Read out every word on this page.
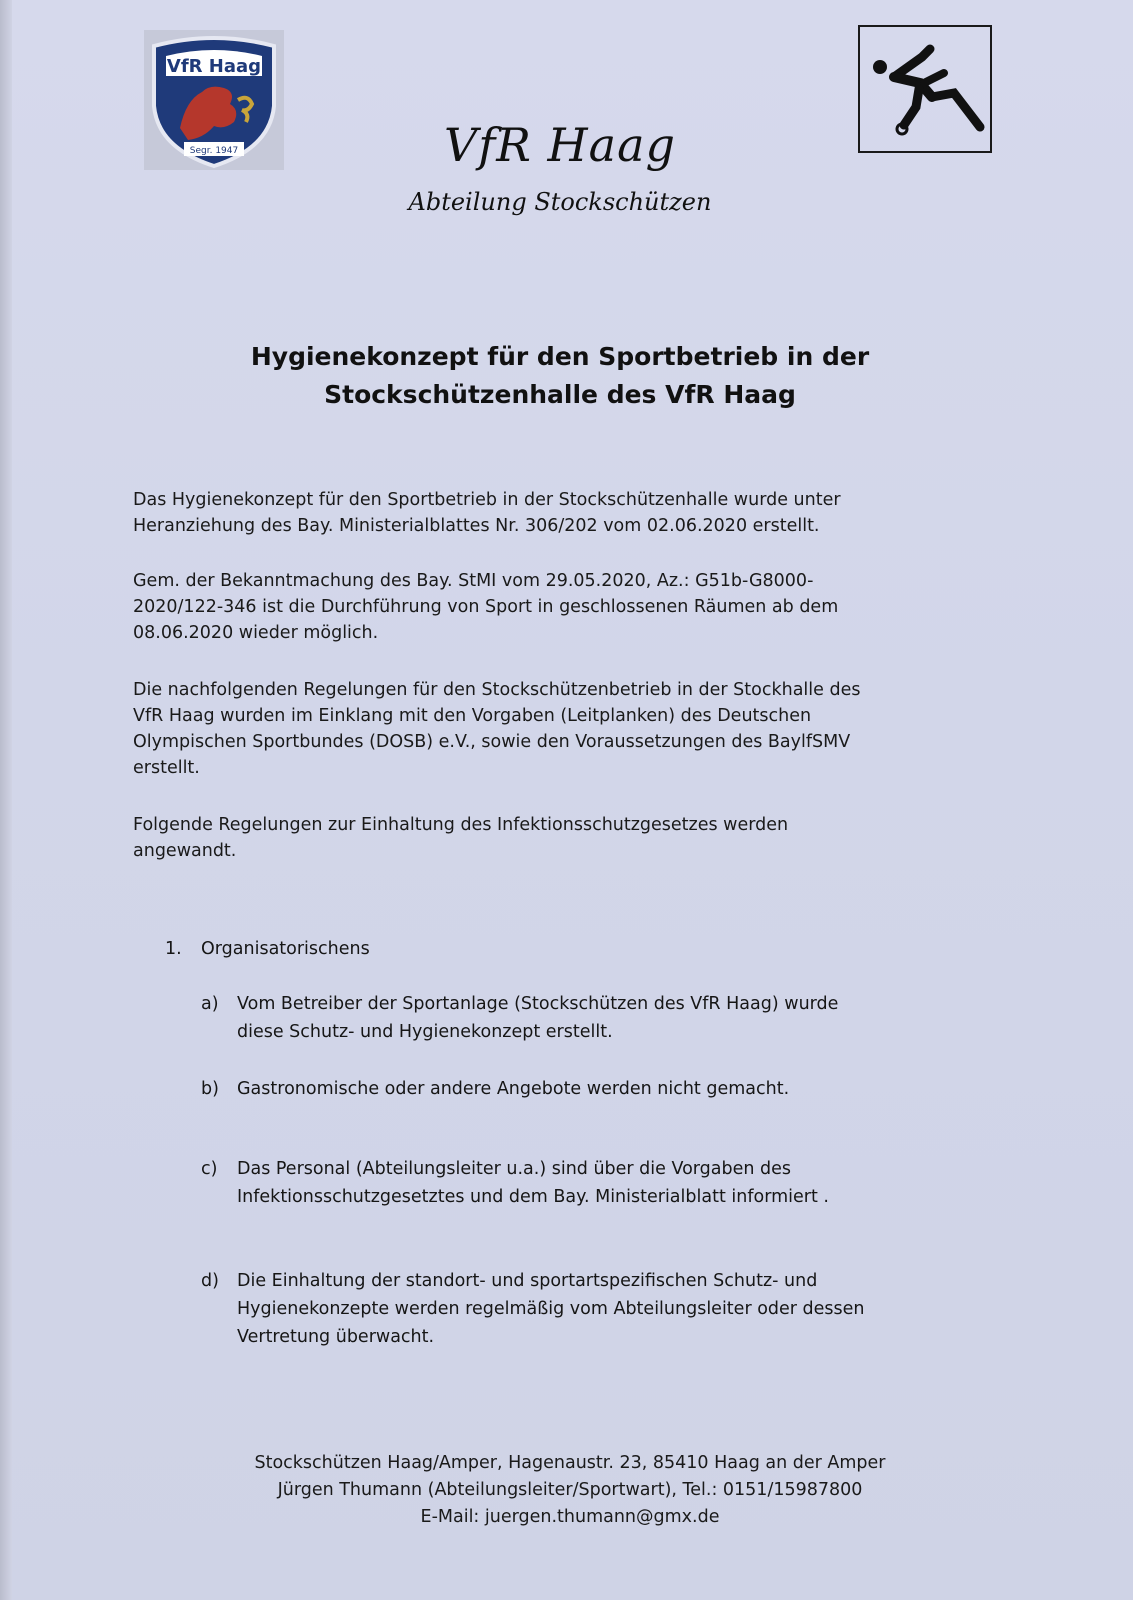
VfR Haag
Segr. 1947	VfR Haag
Abteilung Stockschützen
Hygienekonzept für den Sportbetrieb in der
Stockschützenhalle des VfR Haag

Das Hygienekonzept für den Sportbetrieb in der Stockschützenhalle wurde unter

Heranziehung des Bay. Ministerialblattes Nr. 306/202 vom 02.06.2020 erstellt.

Gem. der Bekanntmachung des Bay. StMI vom 29.05.2020, Az.: G51b-G8000-

2020/122-346 ist die Durchführung von Sport in geschlossenen Räumen ab dem

08.06.2020 wieder möglich.

Die nachfolgenden Regelungen für den Stockschützenbetrieb in der Stockhalle des

VfR Haag wurden im Einklang mit den Vorgaben (Leitplanken) des Deutschen

Olympischen Sportbundes (DOSB) e.V., sowie den Voraussetzungen des BaylfSMV

erstellt.

Folgende Regelungen zur Einhaltung des Infektionsschutzgesetzes werden

angewandt.

1. Organisatorischens
a)	Vom Betreiber der Sportanlage (Stockschützen des VfR Haag) wurde
diese Schutz- und Hygienekonzept erstellt.
b)	Gastronomische oder andere Angebote werden nicht gemacht.
c)	Das Personal (Abteilungsleiter u.a.) sind über die Vorgaben des
Infektionsschutzgesetztes und dem Bay. Ministerialblatt informiert .
d)	Die Einhaltung der standort- und sportartspezifischen Schutz- und
Hygienekonzepte werden regelmäßig vom Abteilungsleiter oder dessen
Vertretung überwacht.
Stockschützen Haag/Amper, Hagenaustr. 23, 85410 Haag an der Amper
Jürgen Thumann (Abteilungsleiter/Sportwart), Tel.: 0151/15987800
E-Mail: juergen.thumann@gmx.de
